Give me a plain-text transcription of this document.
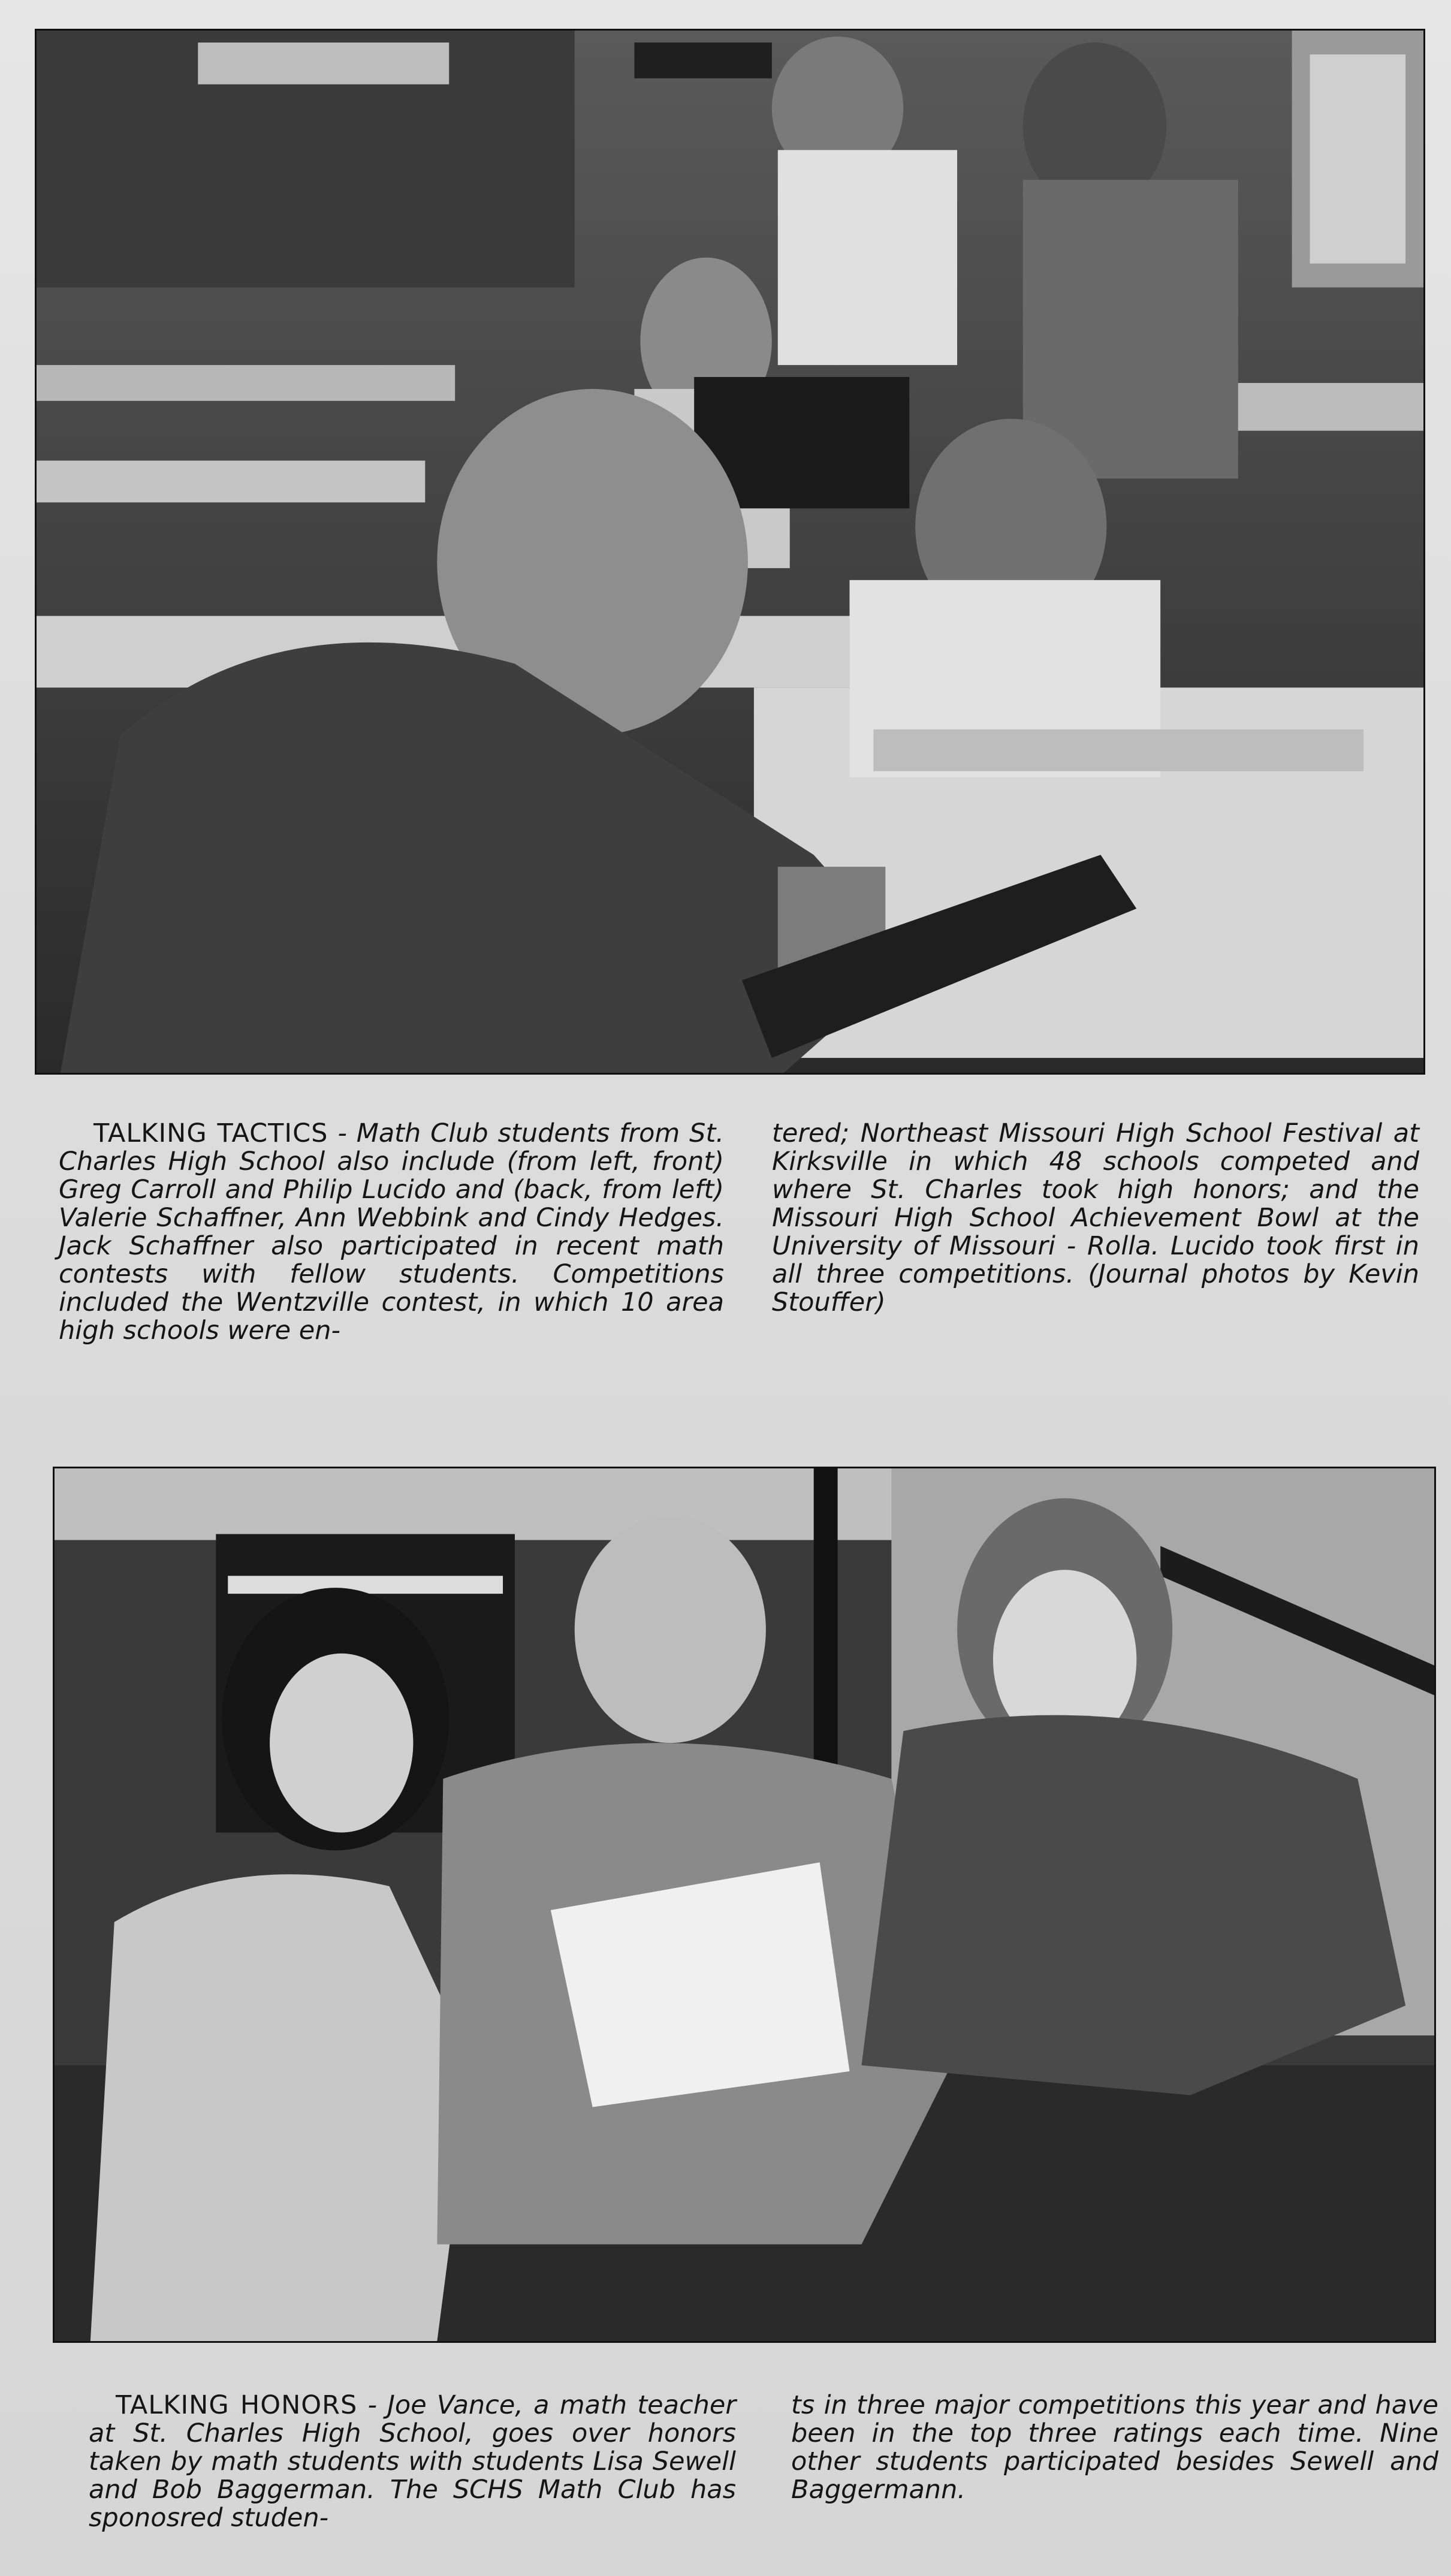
TALKING TACTICS - Math Club students from St. Charles High School also include (from left, front) Greg Carroll and Philip Lucido and (back, from left) Valerie Schaffner, Ann Webbink and Cindy Hedges. Jack Schaffner also participated in recent math contests with fellow students. Competitions included the Wentzville contest, in which 10 area high schools were en-
tered; Northeast Missouri High School Festival at Kirksville in which 48 schools competed and where St. Charles took high honors; and the Missouri High School Achievement Bowl at the University of Missouri - Rolla. Lucido took first in all three competitions. (Journal photos by Kevin Stouffer)
TALKING HONORS - Joe Vance, a math teacher at St. Charles High School, goes over honors taken by math students with students Lisa Sewell and Bob Baggerman. The SCHS Math Club has sponosred studen-
ts in three major competitions this year and have been in the top three ratings each time. Nine other students participated besides Sewell and Baggermann.
